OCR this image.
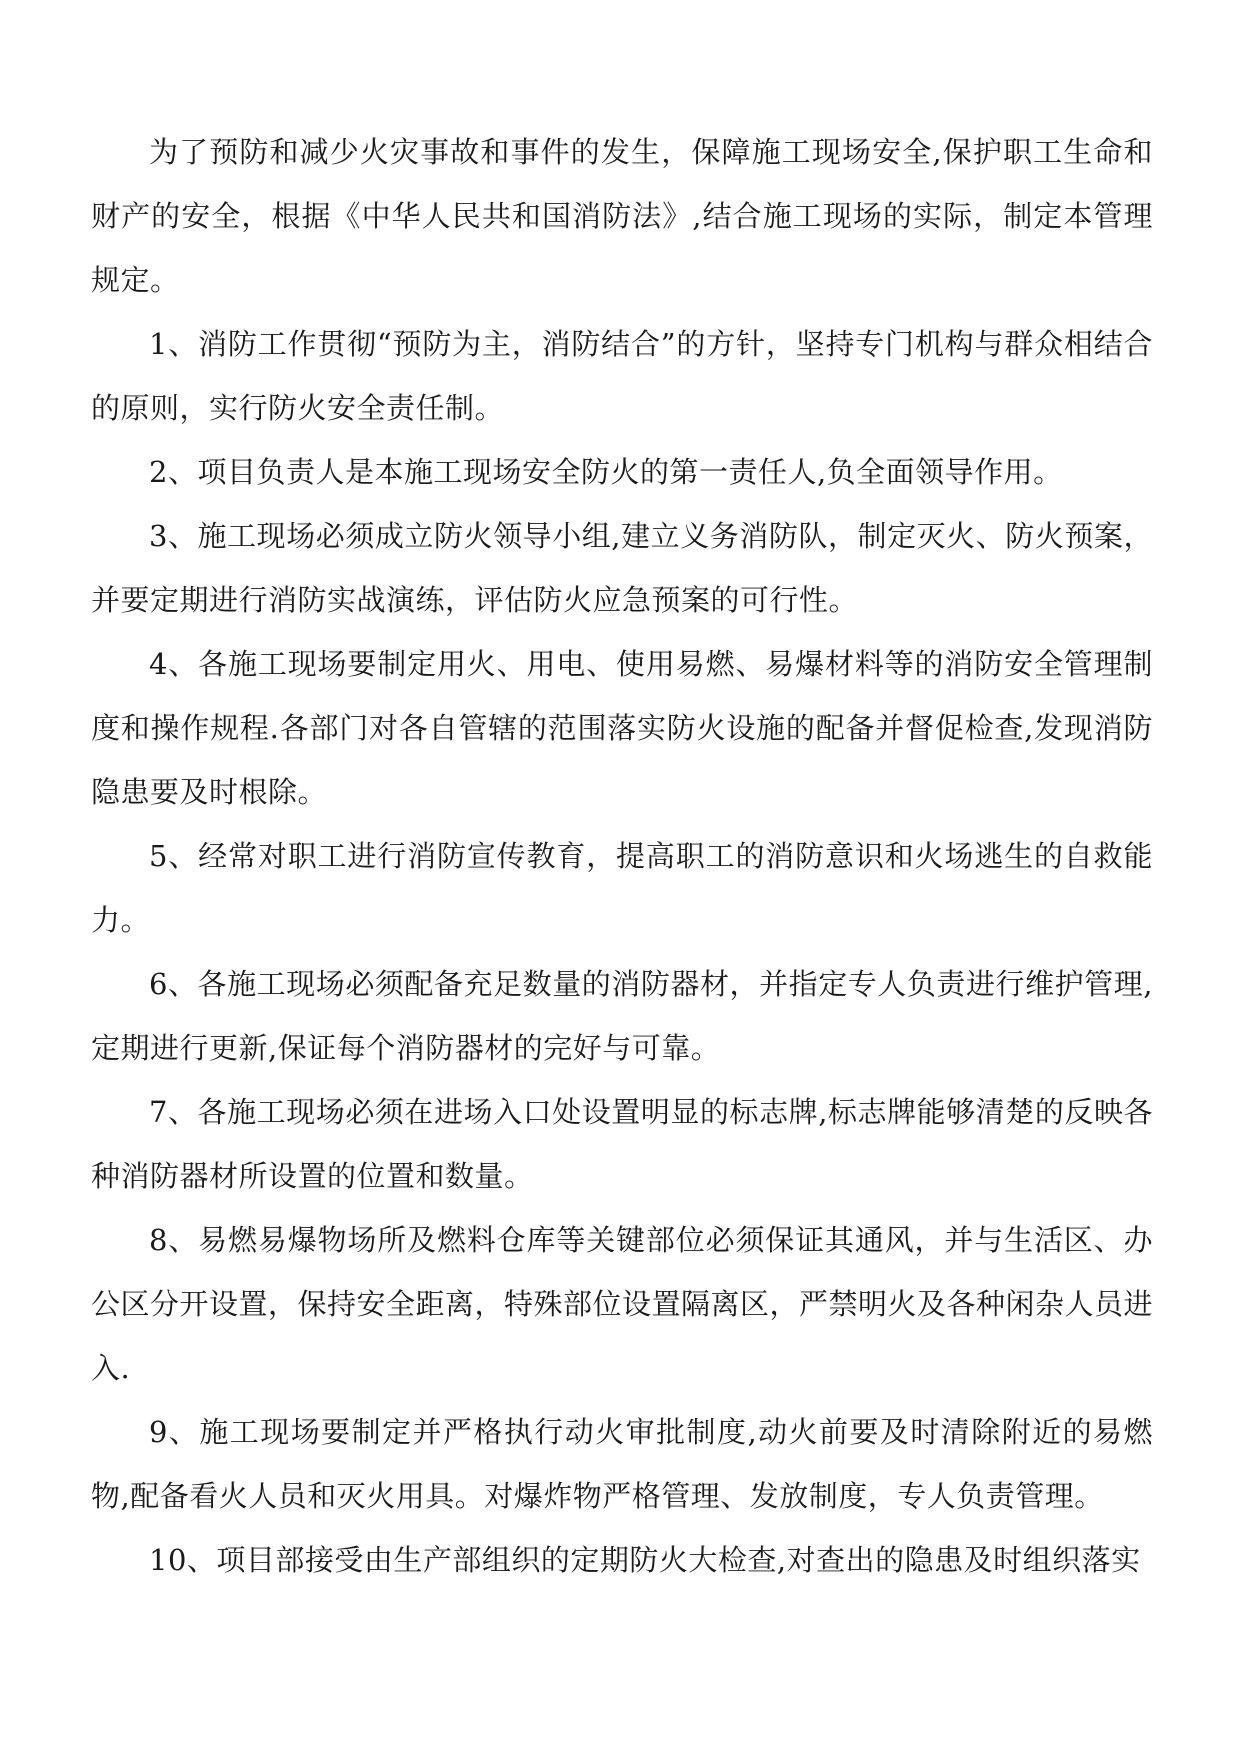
为了预防和减少火灾事故和事件的发生，保障施工现场安全,保护职工生命和财产的安全，根据《中华人民共和国消防法》,结合施工现场的实际，制定本管理规定。

1、消防工作贯彻“预防为主，消防结合”的方针，坚持专门机构与群众相结合的原则，实行防火安全责任制。

2、项目负责人是本施工现场安全防火的第一责任人,负全面领导作用。

3、施工现场必须成立防火领导小组,建立义务消防队，制定灭火、防火预案，并要定期进行消防实战演练，评估防火应急预案的可行性。

4、各施工现场要制定用火、用电、使用易燃、易爆材料等的消防安全管理制度和操作规程.各部门对各自管辖的范围落实防火设施的配备并督促检查,发现消防隐患要及时根除。

5、经常对职工进行消防宣传教育，提高职工的消防意识和火场逃生的自救能力。

6、各施工现场必须配备充足数量的消防器材，并指定专人负责进行维护管理,定期进行更新,保证每个消防器材的完好与可靠。

7、各施工现场必须在进场入口处设置明显的标志牌,标志牌能够清楚的反映各种消防器材所设置的位置和数量。

8、易燃易爆物场所及燃料仓库等关键部位必须保证其通风，并与生活区、办公区分开设置，保持安全距离，特殊部位设置隔离区，严禁明火及各种闲杂人员进入.

9、施工现场要制定并严格执行动火审批制度,动火前要及时清除附近的易燃物,配备看火人员和灭火用具。对爆炸物严格管理、发放制度，专人负责管理。

10、项目部接受由生产部组织的定期防火大检查,对查出的隐患及时组织落实
